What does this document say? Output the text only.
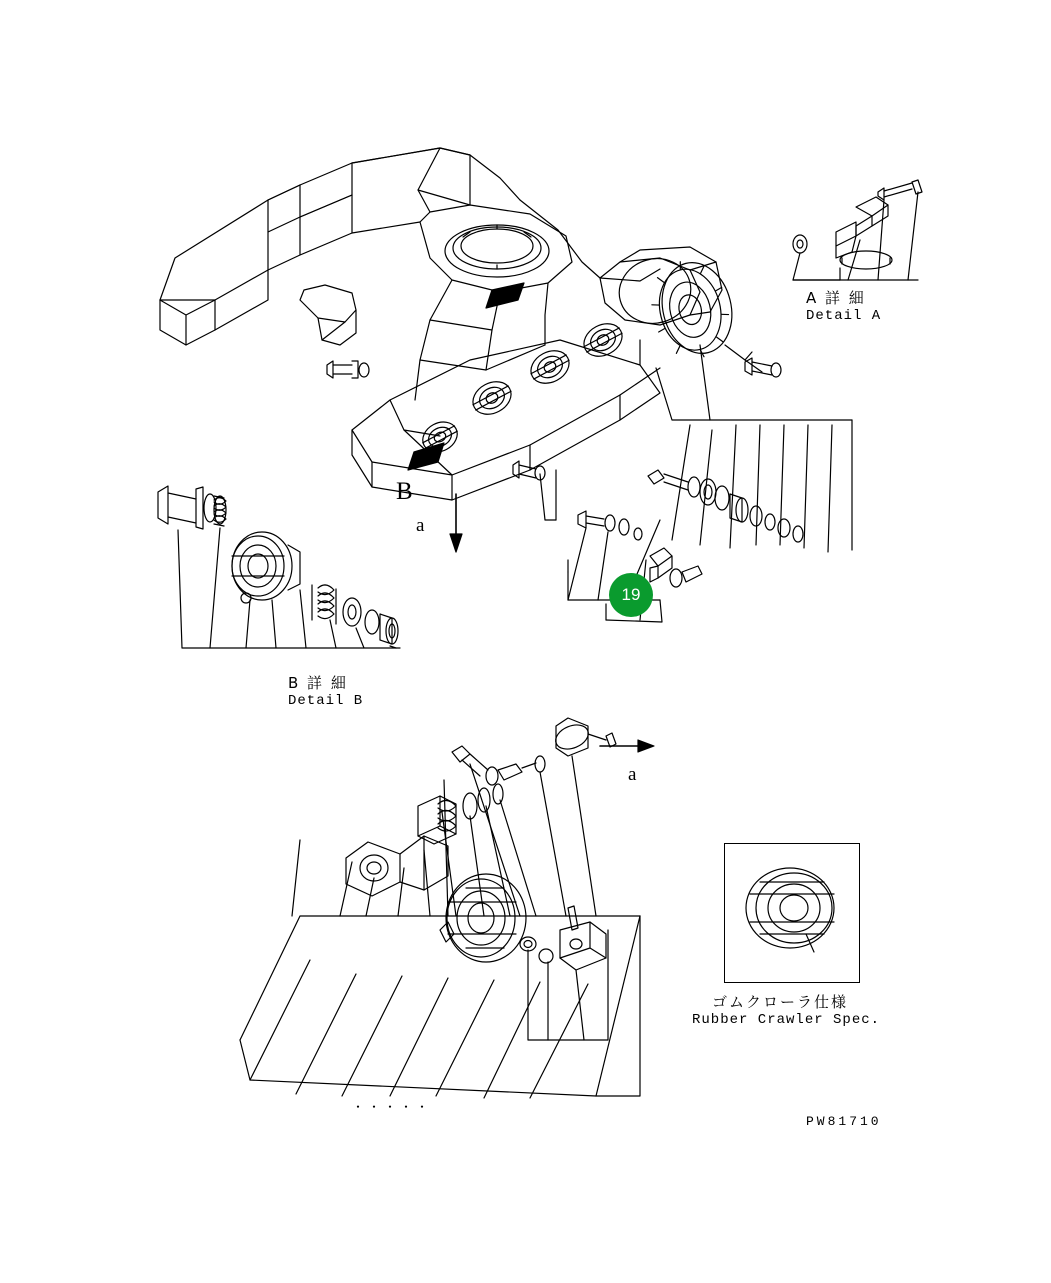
A 詳 細
Detail A
B 詳 細
Detail B
ゴムクローラ仕様
Rubber Crawler Spec.
B
a
a
・・・・・
PW81710
19
